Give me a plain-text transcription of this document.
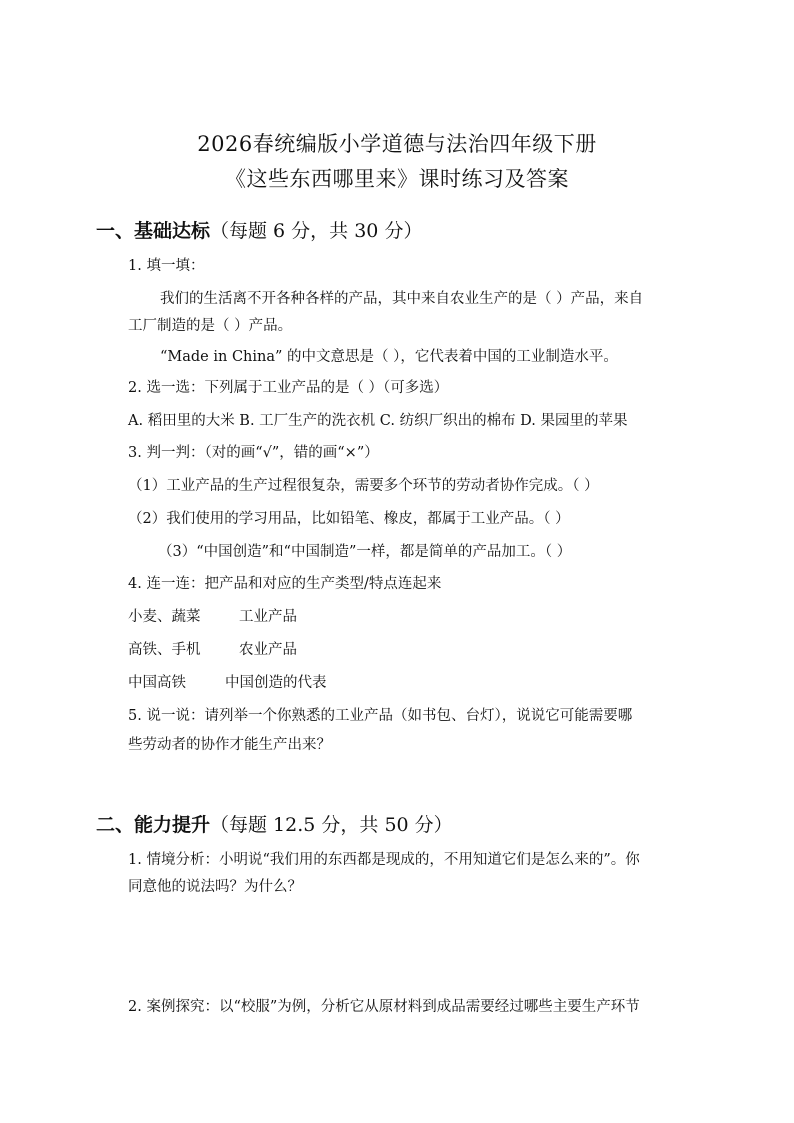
2026春统编版小学道德与法治四年级下册
《这些东西哪里来》课时练习及答案
一、基础达标（每题 6 分，共 30 分）
1. 填一填：
我们的生活离不开各种各样的产品，其中来自农业生产的是（ ）产品，来自
工厂制造的是（ ）产品。
“Made in China” 的中文意思是（ ），它代表着中国的工业制造水平。
2. 选一选：下列属于工业产品的是（ ）（可多选）
A. 稻田里的大米 B. 工厂生产的洗衣机 C. 纺织厂织出的棉布 D. 果园里的苹果
3. 判一判：（对的画“√”，错的画“×”）
（1）工业产品的生产过程很复杂，需要多个环节的劳动者协作完成。（ ）
（2）我们使用的学习用品，比如铅笔、橡皮，都属于工业产品。（ ）
（3）“中国创造”和“中国制造”一样，都是简单的产品加工。（ ）
4. 连一连：把产品和对应的生产类型/特点连起来
小麦、蔬菜	工业产品
高铁、手机	农业产品
中国高铁	中国创造的代表
5. 说一说：请列举一个你熟悉的工业产品（如书包、台灯），说说它可能需要哪
些劳动者的协作才能生产出来？
二、能力提升（每题 12.5 分，共 50 分）
1. 情境分析：小明说“我们用的东西都是现成的，不用知道它们是怎么来的”。你
同意他的说法吗？为什么？
2. 案例探究：以“校服”为例，分析它从原材料到成品需要经过哪些主要生产环节
